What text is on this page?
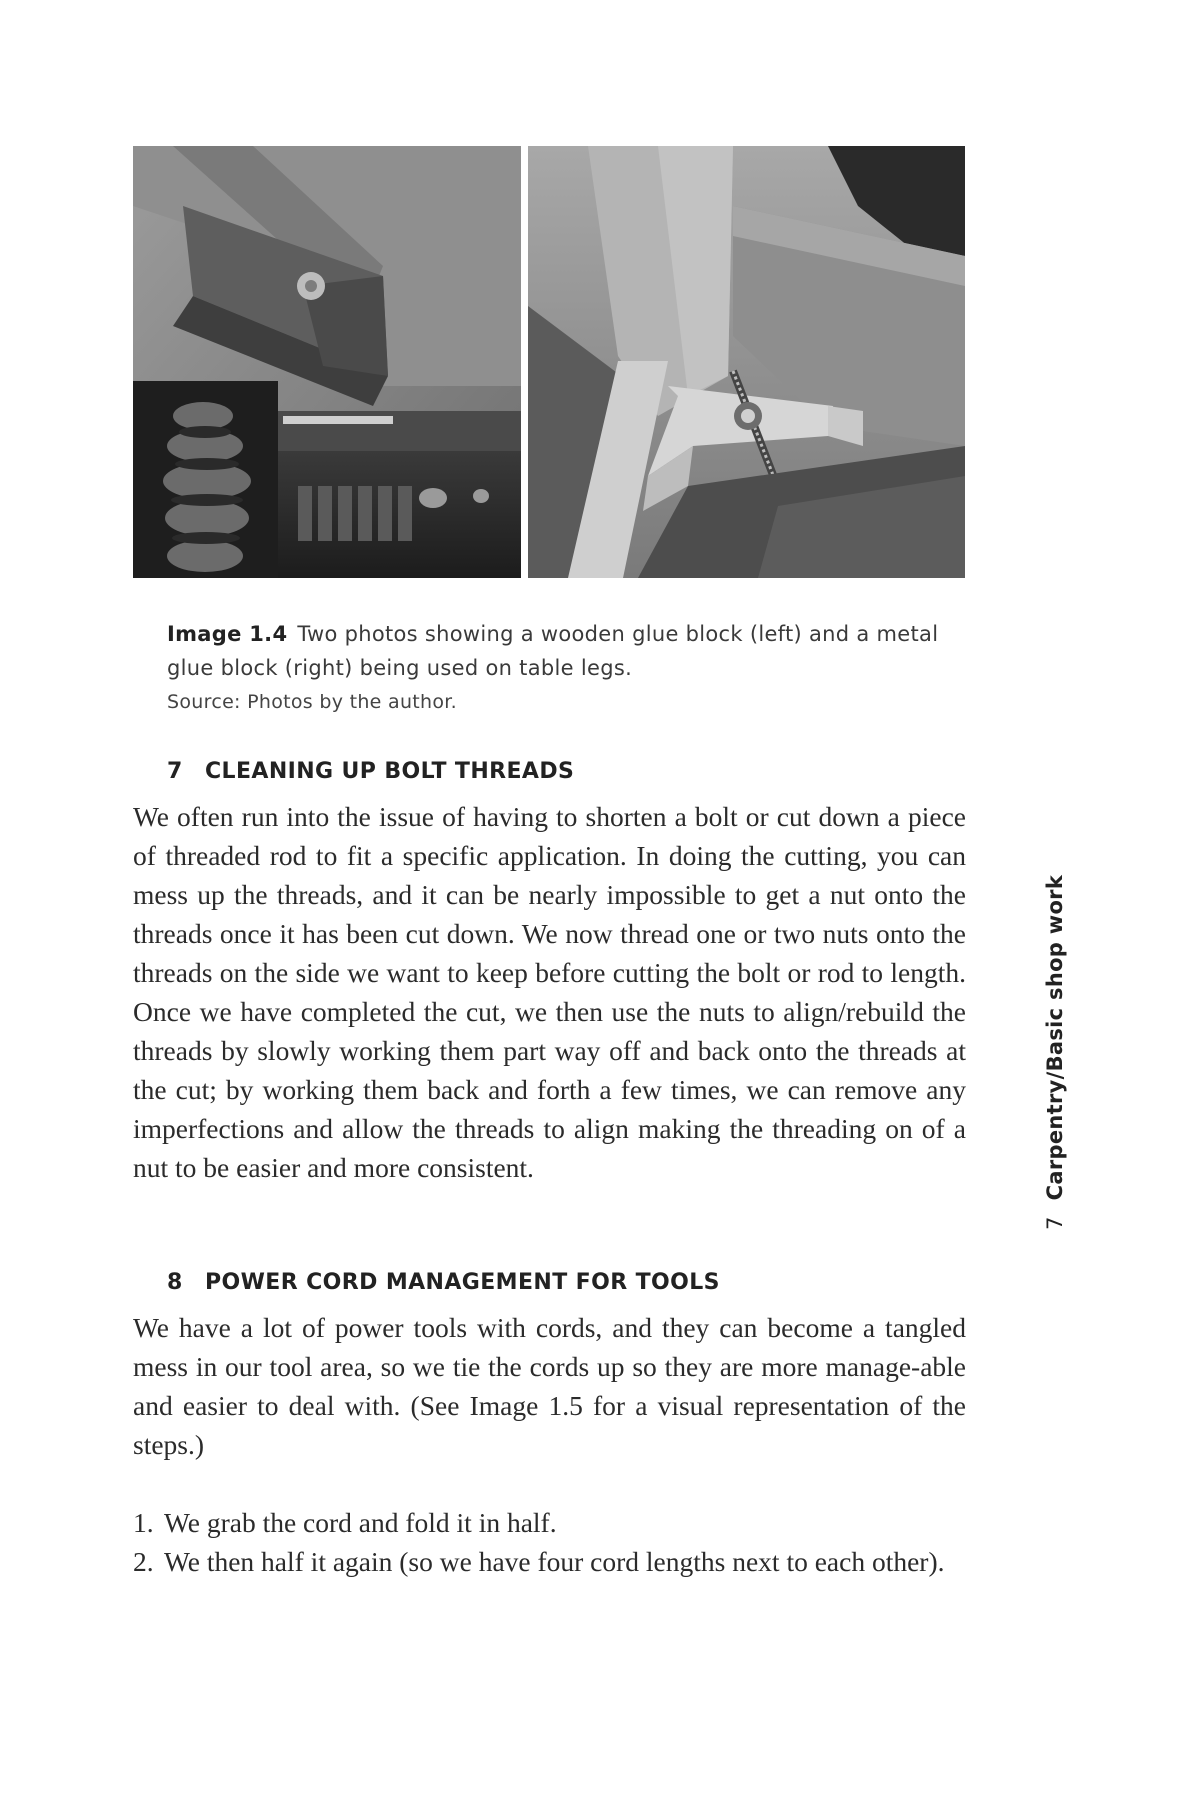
Image 1.4 Two photos showing a wooden glue block (left) and a metal glue block (right) being used on table legs.
Source: Photos by the author.
7 CLEANING UP BOLT THREADS

We often run into the issue of having to shorten a bolt or cut down a piece of threaded rod to fit a specific application. In doing the cutting, you can mess up the threads, and it can be nearly impossible to get a nut onto the threads once it has been cut down. We now thread one or two nuts onto the threads on the side we want to keep before cutting the bolt or rod to length. Once we have completed the cut, we then use the nuts to align/rebuild the threads by slowly working them part way off and back onto the threads at the cut; by working them back and forth a few times, we can remove any imperfections and allow the threads to align making the threading on of a nut to be easier and more consistent.

8 POWER CORD MANAGEMENT FOR TOOLS

We have a lot of power tools with cords, and they can become a tangled mess in our tool area, so we tie the cords up so they are more manage-able and easier to deal with. (See Image 1.5 for a visual representation of the steps.)

1. We grab the cord and fold it in half.
2. We then half it again (so we have four cord lengths next to each other).
7Carpentry/Basic shop work
